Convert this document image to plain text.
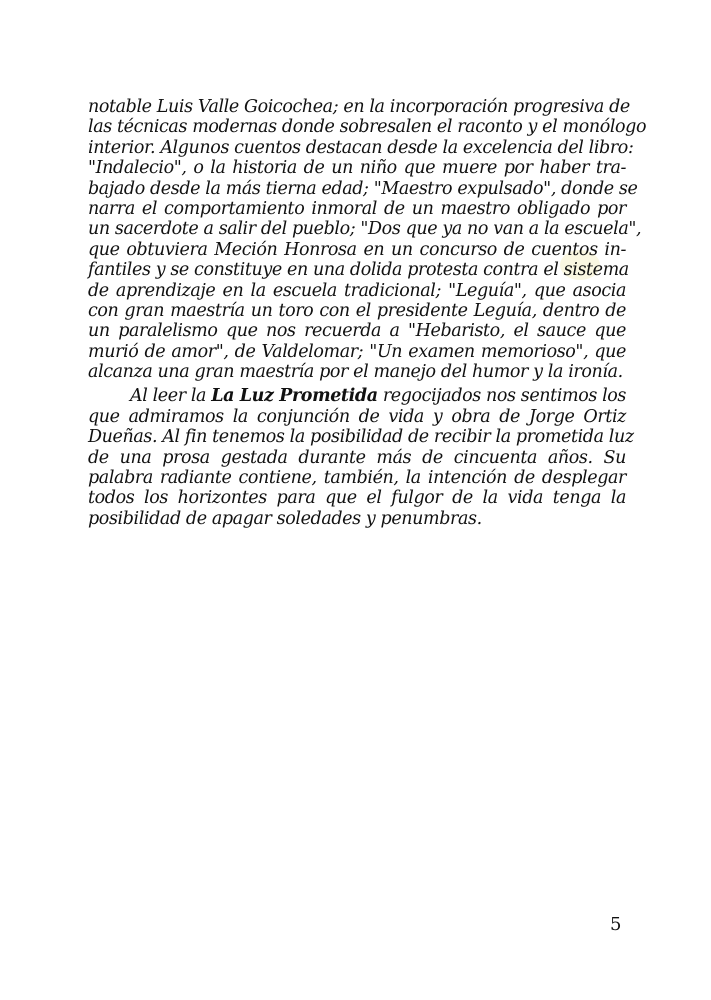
notable Luis Valle Goicochea; en la incorporación progresiva de
las técnicas modernas donde sobresalen el raconto y el monólogo
interior. Algunos cuentos destacan desde la excelencia del libro:
"Indalecio", o la historia de un niño que muere por haber tra-
bajado desde la más tierna edad; "Maestro expulsado", donde se
narra el comportamiento inmoral de un maestro obligado por
un sacerdote a salir del pueblo; "Dos que ya no van a la escuela",
que obtuviera Meción Honrosa en un concurso de cuentos in-
fantiles y se constituye en una dolida protesta contra el sistema
de aprendizaje en la escuela tradicional; "Leguía", que asocia
con gran maestría un toro con el presidente Leguía, dentro de
un paralelismo que nos recuerda a "Hebaristo, el sauce que
murió de amor", de Valdelomar; "Un examen memorioso", que
alcanza una gran maestría por el manejo del humor y la ironía.
Al leer la La Luz Prometida regocijados nos sentimos los
que admiramos la conjunción de vida y obra de Jorge Ortiz
Dueñas. Al fin tenemos la posibilidad de recibir la prometida luz
de una prosa gestada durante más de cincuenta años. Su
palabra radiante contiene, también, la intención de desplegar
todos los horizontes para que el fulgor de la vida tenga la
posibilidad de apagar soledades y penumbras.
5
